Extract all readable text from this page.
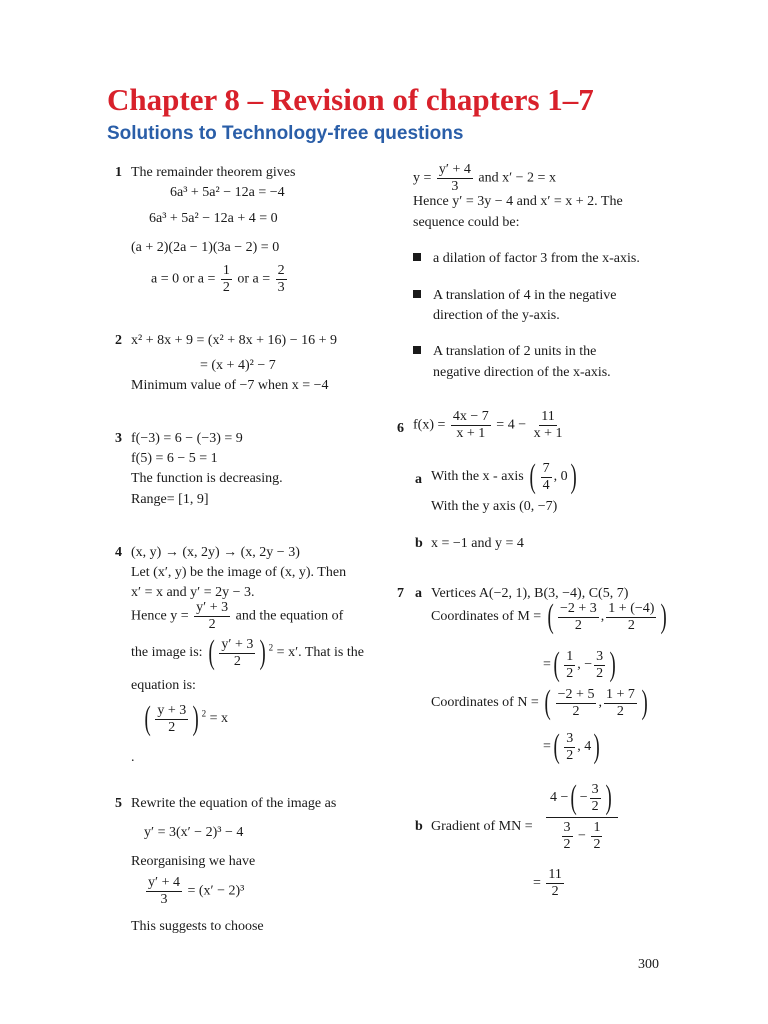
Chapter 8 – Revision of chapters 1–7
Solutions to Technology-free questions
1 The remainder theorem gives
6a³ + 5a² − 12a = −4
6a³ + 5a² − 12a + 4 = 0
(a + 2)(2a − 1)(3a − 2) = 0
a = 0 or $a = \frac{1}{2}$ or $a = \frac{2}{3}$
2 x² + 8x + 9 = (x² + 8x + 16) − 16 + 9
= (x + 4)² − 7
Minimum value of −7 when x = −4
3 f(−3) = 6 − (−3) = 9
f(5) = 6 − 5 = 1
The function is decreasing.
Range= [1, 9]
4 (x, y) → (x, 2y) → (x, 2y − 3)
Let (x′, y) be the image of (x, y). Then
x′ = x and y′ = 2y − 3.
Hence $y = \frac{y' + 3}{2}$ and the equation of
the image is: ( $\frac{y' + 3}{2}$ ) $^2$ = x′. That is the
equation is:
( $\frac{y + 3}{2}$ ) $^2$ = x
.
5 Rewrite the equation of the image as
y′ = 3(x′ − 2)³ − 4
Reorganising we have
$\frac{y' + 4}{3} = (x' - 2)^3$
This suggests to choose
$y = \frac{y' + 4}{3}$ and x′ − 2 = x
Hence y′ = 3y − 4 and x′ = x + 2. The
sequence could be:
a dilation of factor 3 from the x-axis.
A translation of 4 in the negative
direction of the y-axis.
A translation of 2 units in the
negative direction of the x-axis.
6 $f(x) = \frac{4x - 7}{x + 1} = 4 - \frac{11}{x + 1}$
a With the x - axis ( $\frac{7}{4}$ , 0)
With the y axis (0, −7)
b x = −1 and y = 4
7 a Vertices A(−2, 1), B(3, −4), C(5, 7)
Coordinates of M = ( $\frac{-2 + 3}{2}$ , $\frac{1 + (-4)}{2}$ )
=( $\frac{1}{2}$ , − $\frac{3}{2}$ )
Coordinates of N = ( $\frac{-2 + 5}{2}$ , $\frac{1 + 7}{2}$ )
=( $\frac{3}{2}$ , 4)
b Gradient of MN = $\frac{4 -( - \frac{3}{2} )}{\frac{3}{2} - \frac{1}{2}}$
= $\frac{11}{2}$
300
